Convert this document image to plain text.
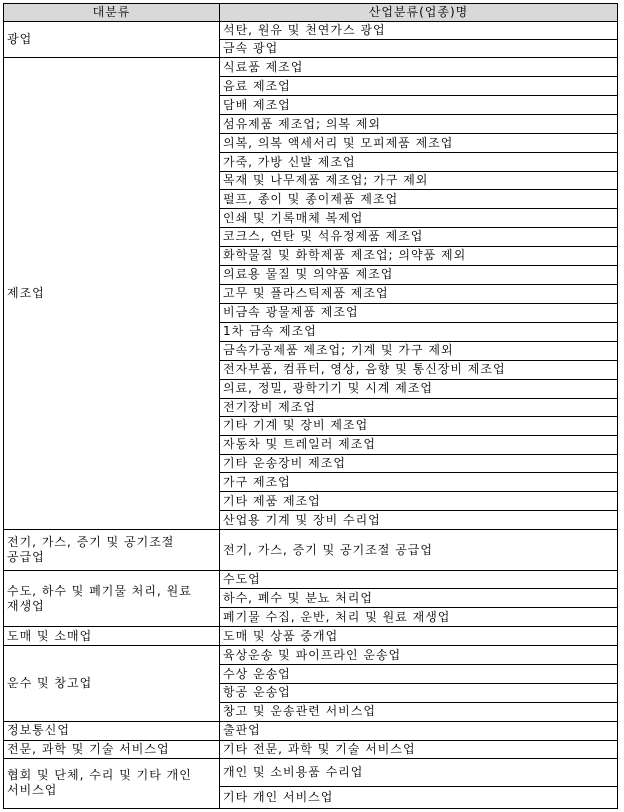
대분류	산업분류(업종)명
광업	석탄, 원유 및 천연가스 광업
	금속 광업
제조업	식료품 제조업
	음료 제조업
	담배 제조업
	섬유제품 제조업; 의복 제외
	의복, 의복 액세서리 및 모피제품 제조업
	가죽, 가방 신발 제조업
	목재 및 나무제품 제조업; 가구 제외
	펄프, 종이 및 종이제품 제조업
	인쇄 및 기록매체 복제업
	코크스, 연탄 및 석유정제품 제조업
	화학물질 및 화학제품 제조업; 의약품 제외
	의료용 물질 및 의약품 제조업
	고무 및 플라스틱제품 제조업
	비금속 광물제품 제조업
	1차 금속 제조업
	금속가공제품 제조업; 기계 및 가구 제외
	전자부품, 컴퓨터, 영상, 음향 및 통신장비 제조업
	의료, 정밀, 광학기기 및 시계 제조업
	전기장비 제조업
	기타 기계 및 장비 제조업
	자동차 및 트레일러 제조업
	기타 운송장비 제조업
	가구 제조업
	기타 제품 제조업
	산업용 기계 및 장비 수리업
전기, 가스, 증기 및 공기조절 공급업	전기, 가스, 증기 및 공기조절 공급업
수도, 하수 및 폐기물 처리, 원료 재생업	수도업
	하수, 폐수 및 분뇨 처리업
	폐기물 수집, 운반, 처리 및 원료 재생업
도매 및 소매업	도매 및 상품 중개업
운수 및 창고업	육상운송 및 파이프라인 운송업
	수상 운송업
	항공 운송업
	창고 및 운송관련 서비스업
정보통신업	출판업
전문, 과학 및 기술 서비스업	기타 전문, 과학 및 기술 서비스업
협회 및 단체, 수리 및 기타 개인 서비스업	개인 및 소비용품 수리업
	기타 개인 서비스업
